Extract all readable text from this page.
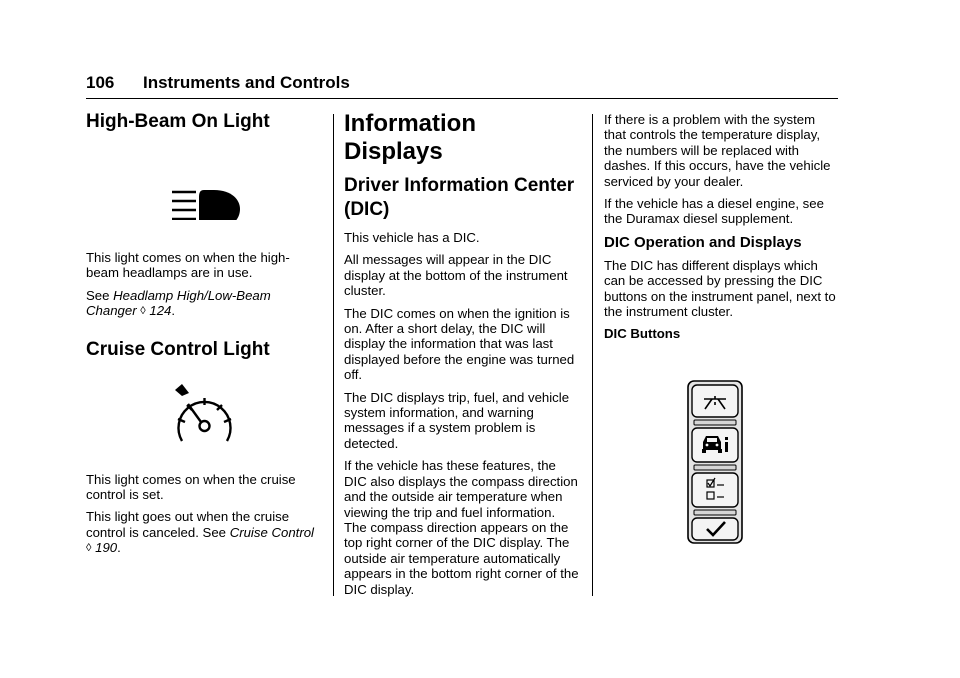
106 Instruments and Controls
High-Beam On Light

This light comes on when the high-beam headlamps are in use.

See Headlamp High/Low-Beam Changer ◊ 124.

Cruise Control Light

This light comes on when the cruise control is set.

This light goes out when the cruise control is canceled. See Cruise Control ◊ 190.

Information Displays
Driver Information Center (DIC)

This vehicle has a DIC.

All messages will appear in the DIC display at the bottom of the instrument cluster.

The DIC comes on when the ignition is on. After a short delay, the DIC will display the information that was last displayed before the engine was turned off.

The DIC displays trip, fuel, and vehicle system information, and warning messages if a system problem is detected.

If the vehicle has these features, the DIC also displays the compass direction and the outside air temperature when viewing the trip and fuel information. The compass direction appears on the top right corner of the DIC display. The outside air temperature automatically appears in the bottom right corner of the DIC display.

If there is a problem with the system that controls the temperature display, the numbers will be replaced with dashes. If this occurs, have the vehicle serviced by your dealer.

If the vehicle has a diesel engine, see the Duramax diesel supplement.

DIC Operation and Displays

The DIC has different displays which can be accessed by pressing the DIC buttons on the instrument panel, next to the instrument cluster.

DIC Buttons
